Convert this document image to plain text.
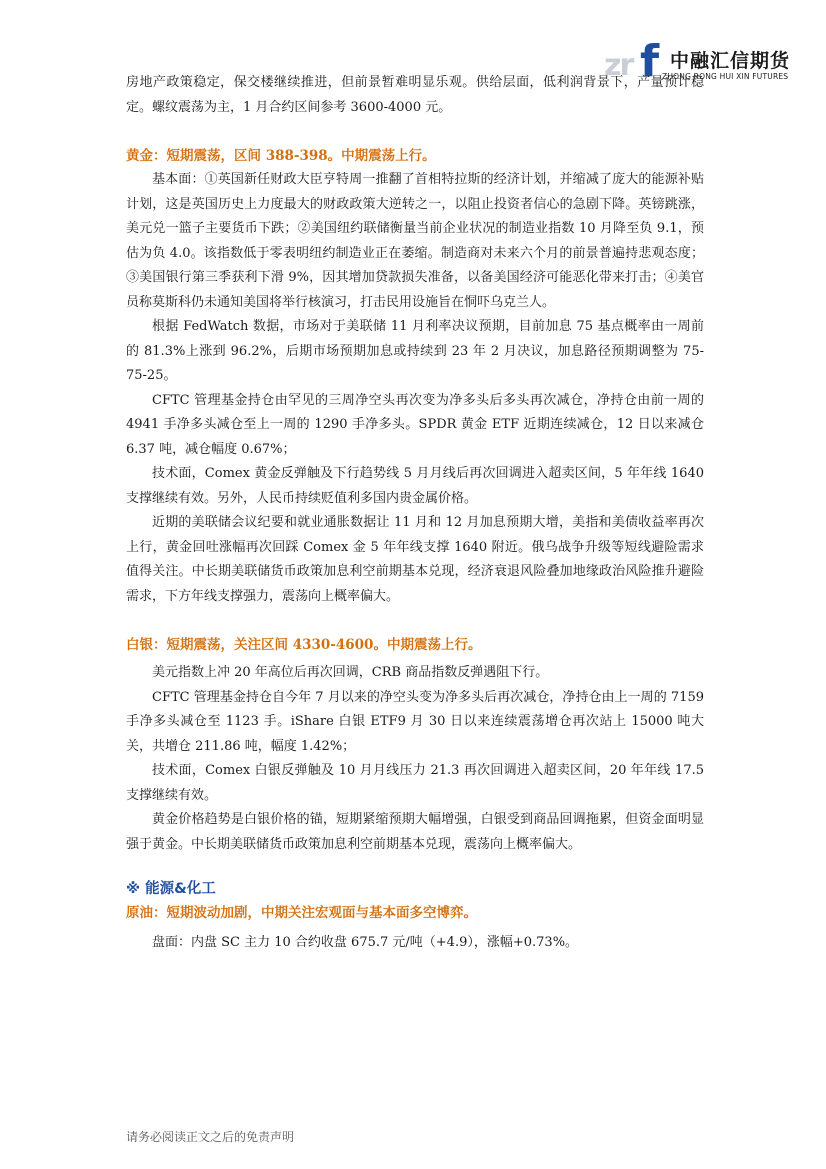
zr f 中融汇信期货
ZHONG RONG HUI XIN FUTURES

房地产政策稳定，保交楼继续推进，但前景暂难明显乐观。供给层面，低利润背景下，产量预计稳定。螺纹震荡为主，1 月合约区间参考 3600-4000 元。

黄金：短期震荡，区间 388-398。中期震荡上行。

基本面：①英国新任财政大臣亨特周一推翻了首相特拉斯的经济计划，并缩减了庞大的能源补贴计划，这是英国历史上力度最大的财政政策大逆转之一，以阻止投资者信心的急剧下降。英镑跳涨，美元兑一篮子主要货币下跌；②美国纽约联储衡量当前企业状况的制造业指数 10 月降至负 9.1，预估为负 4.0。该指数低于零表明纽约制造业正在萎缩。制造商对未来六个月的前景普遍持悲观态度；③美国银行第三季获利下滑 9%，因其增加贷款损失准备，以备美国经济可能恶化带来打击；④美官员称莫斯科仍未通知美国将举行核演习，打击民用设施旨在恫吓乌克兰人。

根据 FedWatch 数据，市场对于美联储 11 月利率决议预期，目前加息 75 基点概率由一周前的 81.3%上涨到 96.2%，后期市场预期加息或持续到 23 年 2 月决议，加息路径预期调整为 75-75-25。

CFTC 管理基金持仓由罕见的三周净空头再次变为净多头后多头再次减仓，净持仓由前一周的 4941 手净多头减仓至上一周的 1290 手净多头。SPDR 黄金 ETF 近期连续减仓，12 日以来减仓 6.37 吨，减仓幅度 0.67%；

技术面，Comex 黄金反弹触及下行趋势线 5 月月线后再次回调进入超卖区间，5 年年线 1640 支撑继续有效。另外，人民币持续贬值利多国内贵金属价格。

近期的美联储会议纪要和就业通胀数据让 11 月和 12 月加息预期大增，美指和美债收益率再次上行，黄金回吐涨幅再次回踩 Comex 金 5 年年线支撑 1640 附近。俄乌战争升级等短线避险需求值得关注。中长期美联储货币政策加息利空前期基本兑现，经济衰退风险叠加地缘政治风险推升避险需求，下方年线支撑强力，震荡向上概率偏大。

白银：短期震荡，关注区间 4330-4600。中期震荡上行。

美元指数上冲 20 年高位后再次回调，CRB 商品指数反弹遇阻下行。

CFTC 管理基金持仓自今年 7 月以来的净空头变为净多头后再次减仓，净持仓由上一周的 7159 手净多头减仓至 1123 手。iShare 白银 ETF9 月 30 日以来连续震荡增仓再次站上 15000 吨大关，共增仓 211.86 吨，幅度 1.42%；

技术面，Comex 白银反弹触及 10 月月线压力 21.3 再次回调进入超卖区间，20 年年线 17.5 支撑继续有效。

黄金价格趋势是白银价格的锚，短期紧缩预期大幅增强，白银受到商品回调拖累，但资金面明显强于黄金。中长期美联储货币政策加息利空前期基本兑现，震荡向上概率偏大。

※ 能源&化工

原油：短期波动加剧，中期关注宏观面与基本面多空博弈。

盘面：内盘 SC 主力 10 合约收盘 675.7 元/吨（+4.9），涨幅+0.73%。

请务必阅读正文之后的免责声明
